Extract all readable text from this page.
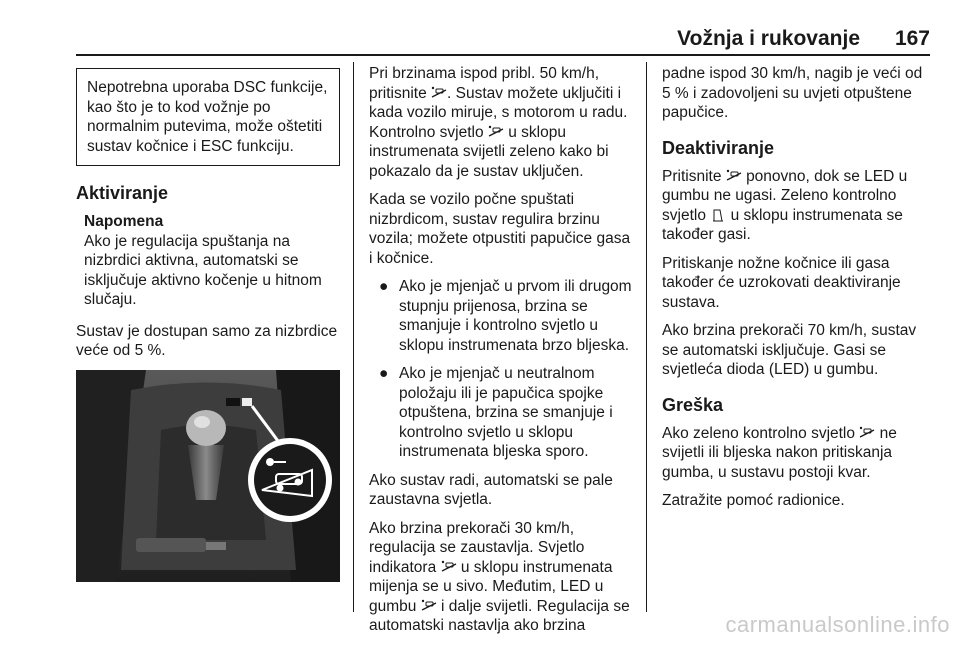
Vožnja i rukovanje	167
Nepotrebna uporaba DSC funkcije, kao što je to kod vožnje po normalnim putevima, može oštetiti sustav kočnice i ESC funkciju.
Aktiviranje
Napomena
Ako je regulacija spuštanja na nizbrdici aktivna, automatski se isključuje aktivno kočenje u hitnom slučaju.

Sustav je dostupan samo za nizbrdice veće od 5 %.

Pri brzinama ispod pribl. 50 km/h, pritisnite . Sustav možete uključiti i kada vozilo miruje, s motorom u radu. Kontrolno svjetlo u sklopu instrumenata svijetli zeleno kako bi pokazalo da je sustav uključen.

Kada se vozilo počne spuštati nizbrdicom, sustav regulira brzinu vozila; možete otpustiti papučice gasa i kočnice.

● Ako je mjenjač u prvom ili drugom stupnju prijenosa, brzina se smanjuje i kontrolno svjetlo u sklopu instrumenata brzo bljeska.
● Ako je mjenjač u neutralnom položaju ili je papučica spojke otpuštena, brzina se smanjuje i kontrolno svjetlo u sklopu instrumenata bljeska sporo.

Ako sustav radi, automatski se pale zaustavna svjetla.

Ako brzina prekorači 30 km/h, regulacija se zaustavlja. Svjetlo indikatora u sklopu instrumenata mijenja se u sivo. Međutim, LED u gumbu i dalje svijetli. Regulacija se automatski nastavlja ako brzina

padne ispod 30 km/h, nagib je veći od 5 % i zadovoljeni su uvjeti otpuštene papučice.

Deaktiviranje

Pritisnite ponovno, dok se LED u gumbu ne ugasi. Zeleno kontrolno svjetlo u sklopu instrumenata se također gasi.

Pritiskanje nožne kočnice ili gasa također će uzrokovati deaktiviranje sustava.

Ako brzina prekorači 70 km/h, sustav se automatski isključuje. Gasi se svjetleća dioda (LED) u gumbu.

Greška

Ako zeleno kontrolno svjetlo ne svijetli ili bljeska nakon pritiskanja gumba, u sustavu postoji kvar.

Zatražite pomoć radionice.

carmanualsonline.info
